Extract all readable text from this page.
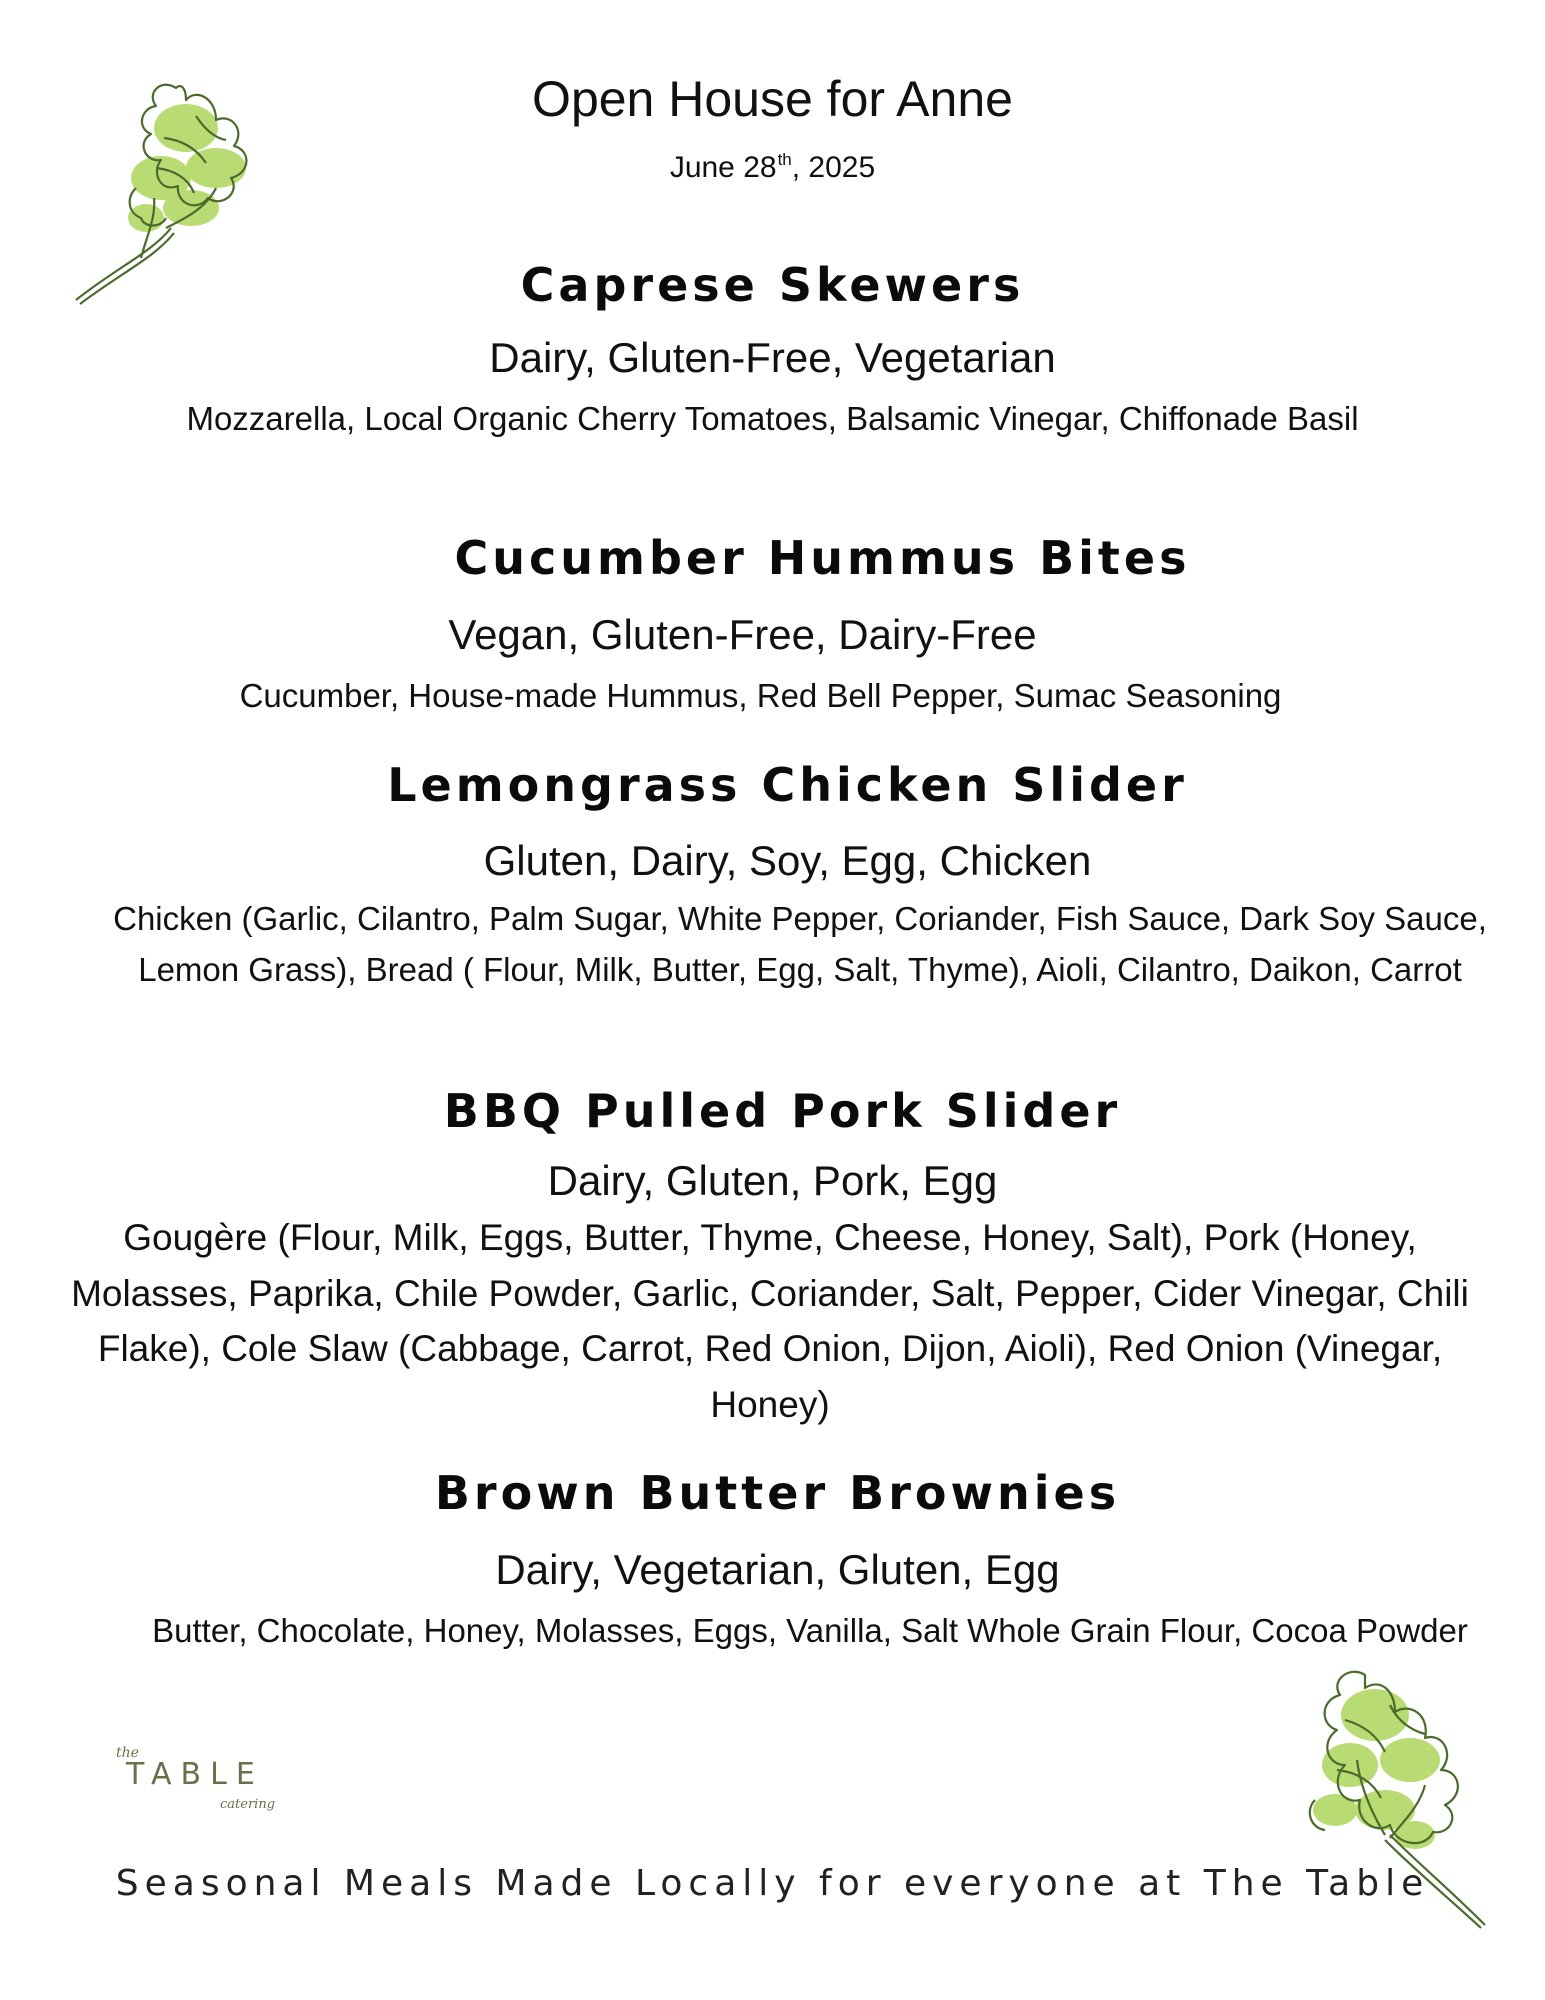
Open House for Anne
June 28th, 2025

Caprese Skewers

Dairy, Gluten-Free, Vegetarian

Mozzarella, Local Organic Cherry Tomatoes, Balsamic Vinegar, Chiffonade Basil

Cucumber Hummus Bites

Vegan, Gluten-Free, Dairy-Free

Cucumber, House-made Hummus, Red Bell Pepper, Sumac Seasoning

Lemongrass Chicken Slider

Gluten, Dairy, Soy, Egg, Chicken

Chicken (Garlic, Cilantro, Palm Sugar, White Pepper, Coriander, Fish Sauce, Dark Soy Sauce, Lemon Grass), Bread ( Flour, Milk, Butter, Egg, Salt, Thyme), Aioli, Cilantro, Daikon, Carrot

BBQ Pulled Pork Slider

Dairy, Gluten, Pork, Egg

Gougère (Flour, Milk, Eggs, Butter, Thyme, Cheese, Honey, Salt), Pork (Honey, Molasses, Paprika, Chile Powder, Garlic, Coriander, Salt, Pepper, Cider Vinegar, Chili Flake), Cole Slaw (Cabbage, Carrot, Red Onion, Dijon, Aioli), Red Onion (Vinegar, Honey)

Brown Butter Brownies

Dairy, Vegetarian, Gluten, Egg

Butter, Chocolate, Honey, Molasses, Eggs, Vanilla, Salt Whole Grain Flour, Cocoa Powder

the
TABLE
catering
Seasonal Meals Made Locally for everyone at The Table
